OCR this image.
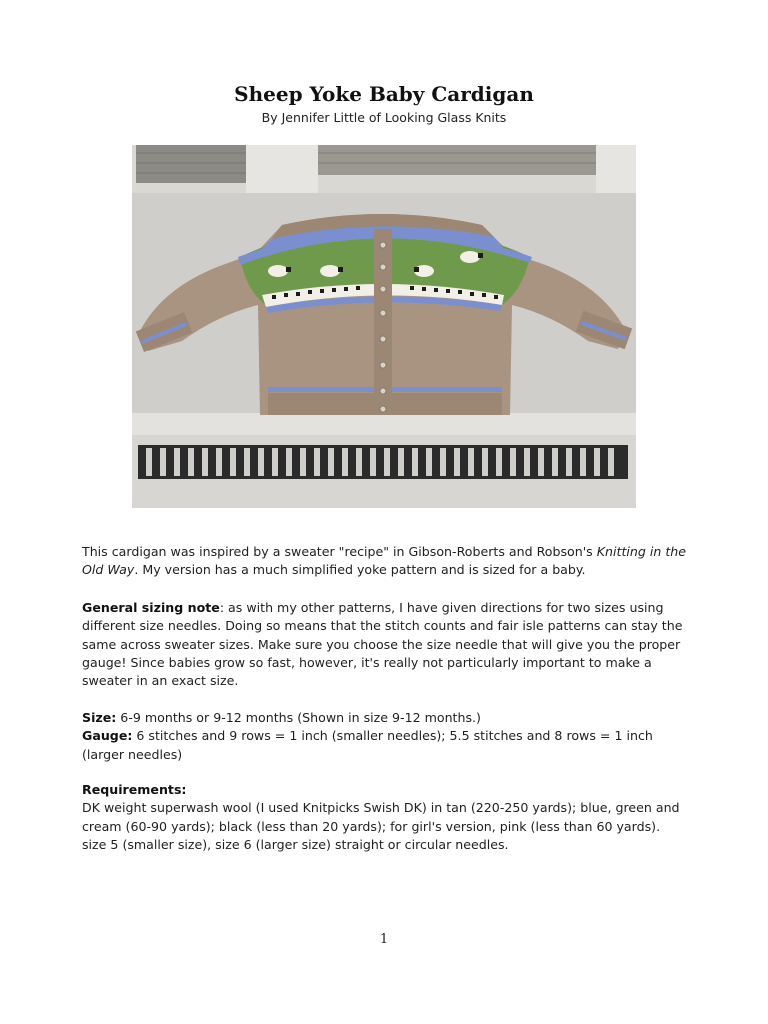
Sheep Yoke Baby Cardigan
By Jennifer Little of Looking Glass Knits
This cardigan was inspired by a sweater "recipe" in Gibson-Roberts and Robson's Knitting in the Old Way. My version has a much simplified yoke pattern and is sized for a baby.
General sizing note: as with my other patterns, I have given directions for two sizes using different size needles. Doing so means that the stitch counts and fair isle patterns can stay the same across sweater sizes. Make sure you choose the size needle that will give you the proper gauge! Since babies grow so fast, however, it's really not particularly important to make a sweater in an exact size.
Size: 6-9 months or 9-12 months (Shown in size 9-12 months.)
Gauge: 6 stitches and 9 rows = 1 inch (smaller needles); 5.5 stitches and 8 rows = 1 inch (larger needles)
Requirements:
DK weight superwash wool (I used Knitpicks Swish DK) in tan (220-250 yards); blue, green and cream (60-90 yards); black (less than 20 yards); for girl's version, pink (less than 60 yards).
size 5 (smaller size), size 6 (larger size) straight or circular needles.
1
